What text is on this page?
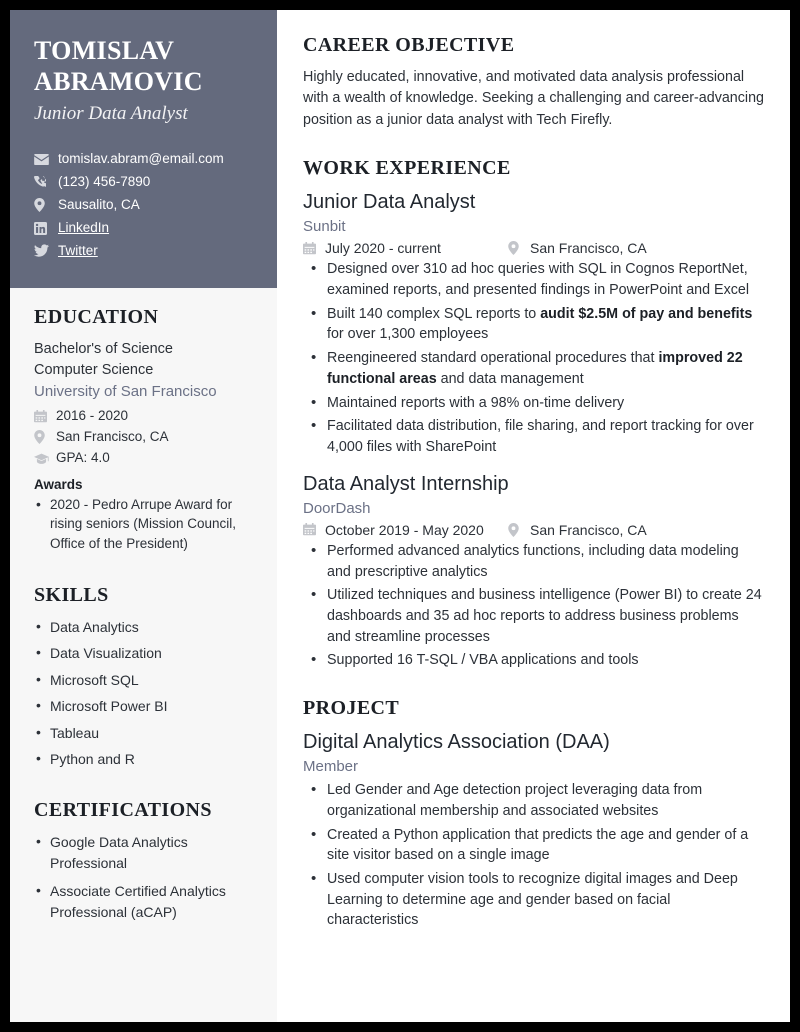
TOMISLAV ABRAMOVIC
Junior Data Analyst
tomislav.abram@email.com
(123) 456-7890
Sausalito, CA
LinkedIn
Twitter
EDUCATION
Bachelor's of Science
Computer Science
University of San Francisco
2016 - 2020
San Francisco, CA
GPA: 4.0
Awards
• 2020 - Pedro Arrupe Award for rising seniors (Mission Council, Office of the President)
SKILLS
• Data Analytics
• Data Visualization
• Microsoft SQL
• Microsoft Power BI
• Tableau
• Python and R
CERTIFICATIONS
• Google Data Analytics Professional
• Associate Certified Analytics Professional (aCAP)
CAREER OBJECTIVE

Highly educated, innovative, and motivated data analysis professional with a wealth of knowledge. Seeking a challenging and career-advancing position as a junior data analyst with Tech Firefly.

WORK EXPERIENCE
Junior Data Analyst
Sunbit
July 2020 - current	San Francisco, CA
• Designed over 310 ad hoc queries with SQL in Cognos ReportNet, examined reports, and presented findings in PowerPoint and Excel
• Built 140 complex SQL reports to audit $2.5M of pay and benefits for over 1,300 employees
• Reengineered standard operational procedures that improved 22 functional areas and data management
• Maintained reports with a 98% on-time delivery
• Facilitated data distribution, file sharing, and report tracking for over 4,000 files with SharePoint
Data Analyst Internship
DoorDash
October 2019 - May 2020	San Francisco, CA
• Performed advanced analytics functions, including data modeling and prescriptive analytics
• Utilized techniques and business intelligence (Power BI) to create 24 dashboards and 35 ad hoc reports to address business problems and streamline processes
• Supported 16 T-SQL / VBA applications and tools
PROJECT
Digital Analytics Association (DAA)
Member
• Led Gender and Age detection project leveraging data from organizational membership and associated websites
• Created a Python application that predicts the age and gender of a site visitor based on a single image
• Used computer vision tools to recognize digital images and Deep Learning to determine age and gender based on facial characteristics
